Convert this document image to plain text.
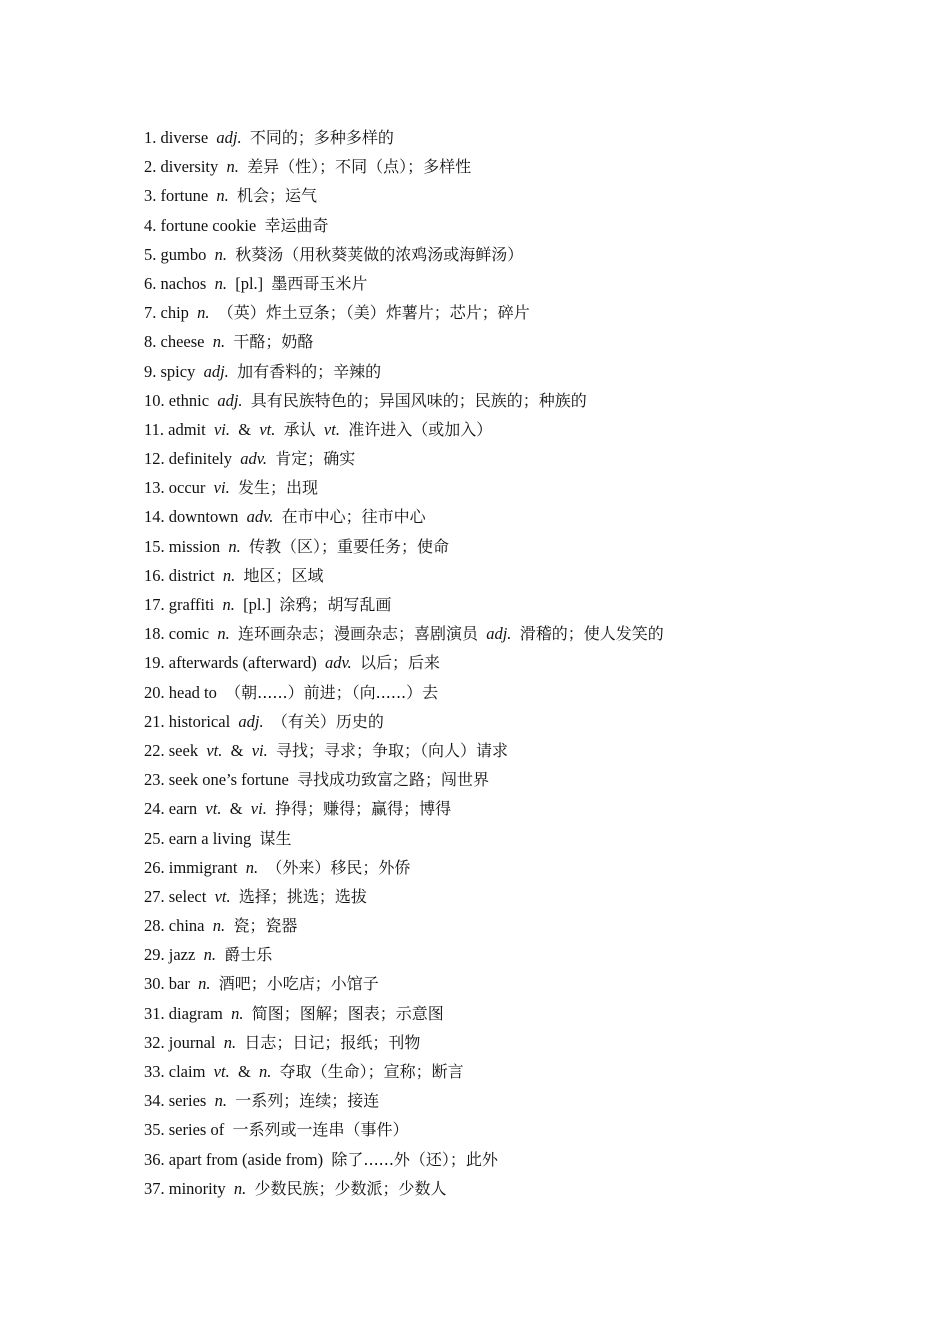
1. diverse adj. 不同的；多种多样的
2. diversity n. 差异（性）；不同（点）；多样性
3. fortune n. 机会；运气
4. fortune cookie 幸运曲奇
5. gumbo n. 秋葵汤（用秋葵荚做的浓鸡汤或海鲜汤）
6. nachos n. [pl.] 墨西哥玉米片
7. chip n. （英）炸土豆条；（美）炸薯片；芯片；碎片
8. cheese n. 干酪；奶酪
9. spicy adj. 加有香料的；辛辣的
10. ethnic adj. 具有民族特色的；异国风味的；民族的；种族的
11. admit vi. & vt. 承认 vt. 准许进入（或加入）
12. definitely adv. 肯定；确实
13. occur vi. 发生；出现
14. downtown adv. 在市中心；往市中心
15. mission n. 传教（区）；重要任务；使命
16. district n. 地区；区域
17. graffiti n. [pl.] 涂鸦；胡写乱画
18. comic n. 连环画杂志；漫画杂志；喜剧演员 adj. 滑稽的；使人发笑的
19. afterwards (afterward) adv. 以后；后来
20. head to （朝......）前进；（向......）去
21. historical adj. （有关）历史的
22. seek vt. & vi. 寻找；寻求；争取；（向人）请求
23. seek one’s fortune 寻找成功致富之路；闯世界
24. earn vt. & vi. 挣得；赚得；赢得；博得
25. earn a living 谋生
26. immigrant n. （外来）移民；外侨
27. select vt. 选择；挑选；选拔
28. china n. 瓷；瓷器
29. jazz n. 爵士乐
30. bar n. 酒吧；小吃店；小馆子
31. diagram n. 简图；图解；图表；示意图
32. journal n. 日志；日记；报纸；刊物
33. claim vt. & n. 夺取（生命）；宣称；断言
34. series n. 一系列；连续；接连
35. series of 一系列或一连串（事件）
36. apart from (aside from) 除了......外（还）；此外
37. minority n. 少数民族；少数派；少数人
